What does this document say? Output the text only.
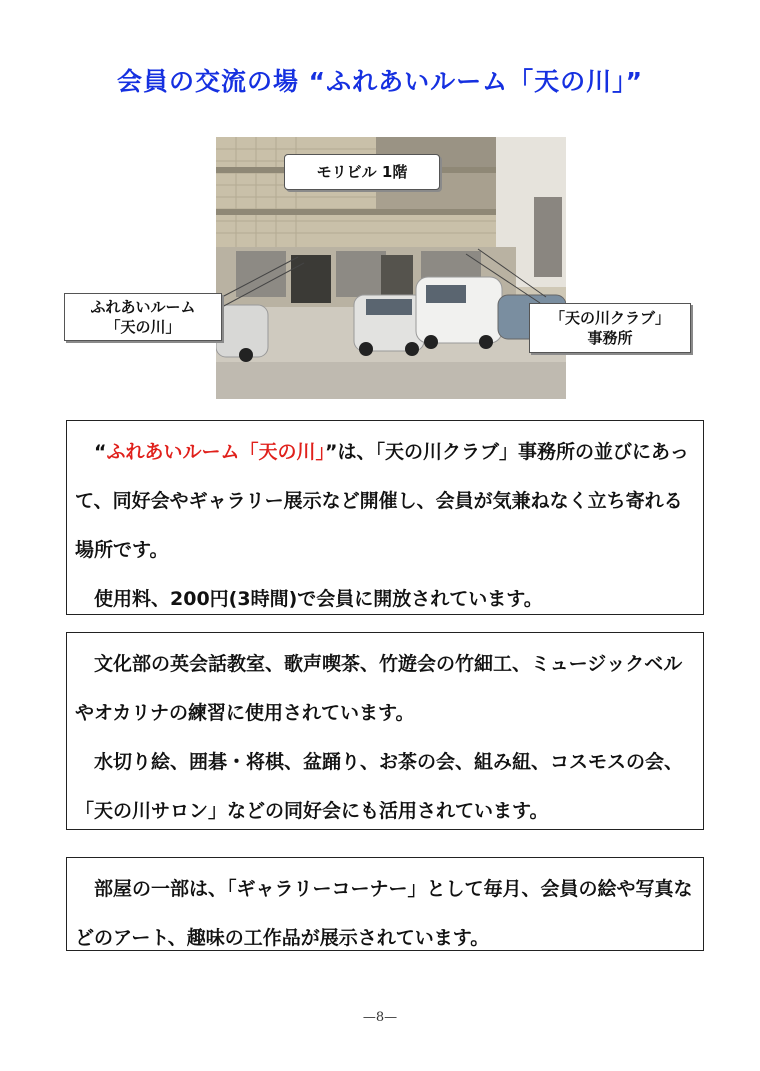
会員の交流の場 “ふれあいルーム「天の川」”
モリビル 1階
ふれあいルーム
「天の川」	「天の川クラブ」
事務所

“ふれあいルーム「天の川」”は、「天の川クラブ」事務所の並びにあって、同好会やギャラリー展示など開催し、会員が気兼ねなく立ち寄れる場所です。

使用料、200円(3時間)で会員に開放されています。

文化部の英会話教室、歌声喫茶、竹遊会の竹細工、ミュージックベルやオカリナの練習に使用されています。

水切り絵、囲碁・将棋、盆踊り、お茶の会、組み紐、コスモスの会、「天の川サロン」などの同好会にも活用されています。

部屋の一部は、「ギャラリーコーナー」として毎月、会員の絵や写真などのアート、趣味の工作品が展示されています。

—8—
